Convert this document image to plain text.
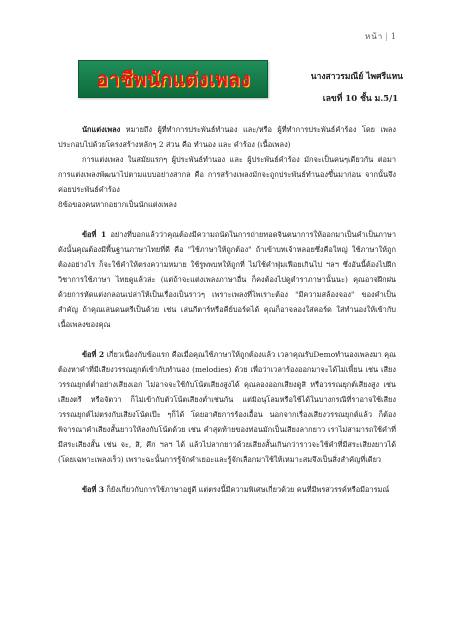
หน้า | 1
อาชีพนักแต่งเพลง	นางสาวรมณีย์ ไพศรีแหน
เลขที่ 10 ชั้น ม.5/1

นักแต่งเพลง หมายถึง ผู้ที่ทำการประพันธ์ทำนอง และ/หรือ ผู้ที่ทำการประพันธ์คำร้อง โดย เพลง ประกอบไปด้วยโครงสร้างหลักๆ 2 ส่วน คือ ทำนอง และ คำร้อง (เนื้อเพลง)

การแต่งเพลง ในสมัยแรกๆ ผู้ประพันธ์ทำนอง และ ผู้ประพันธ์คำร้อง มักจะเป็นคนๆเดียวกัน ต่อมาการแต่งเพลงพัฒนาไปตามแบบอย่างสากล คือ การสร้างเพลงมักจะถูกประพันธ์ทำนองขึ้นมาก่อน จากนั้นจึงค่อยประพันธ์คำร้อง

8ข้อของคนหากอยากเป็นนักแต่งเพลง

ข้อที่ 1 อย่างที่บอกแล้วว่าคุณต้องมีความถนัดในการถ่ายทอดจินตนาการให้ออกมาเป็นคำเป็นภาษา ดังนั้นคุณต้องมีพื้นฐานภาษาไทยที่ดี คือ "ใช้ภาษาให้ถูกต้อง" ถ้าเข้าบทเจ้าหลอยซึ่งคือใหญ่ ใช้ภาษาให้ถูกต้องอย่างไร ก็จะใช้คำให้ตรงความหมาย ใช้รูพพบทให้ถูกที่ ไม่ใช้คำฟุ่มเฟือยเกินไป ฯลฯ ซึ่งอันนี้ต้องไปฝึกวิชาการใช้ภาษา ไทยดูแล้วล่ะ (แต่ถ้าจะแต่งเพลงภาษาอื่น ก็คงต้องไปดูตำราภาษานั้นนะ) คุณอาจฝึกฝนด้วยการหัดแต่งกลอนเปล่าให้เป็นเรื่องเป็นราวๆ เพราะเพลงที่ไพเราะต้อง "มีความสล้องจอง" ของคำเป็นสำคัญ ถ้าคุณเล่นดนตรีเป็นด้วย เช่น เล่นกีตาร์หรือคีย์บอร์ดได้ คุณก็อาจลองใส่คอร์ด ใส่ทำนองให้เข้ากับเนื้อเพลงของคุณ

ข้อที่ 2 เกี่ยวเนื่องกับข้อแรก คือเมื่อคุณใช้ภาษาให้ถูกต้องแล้ว เวลาคุณรับDemoทำนองเพลงมา คุณต้องหาคำที่มีเสียงวรรณยุกต์เข้ากับทำนอง (melodies) ด้วย เพื่อว่าเวลาร้องออกมาจะได้ไม่เพี้ยน เช่น เสียงวรรณยุกต์ต่ำอย่างเสียงเอก ไม่อาจจะใช้กับโน้ตเสียงสูงได้ คุณลองออกเสียงดูสิ หรือวรรณยุกต์เสียงสูง เช่น เสียงตรี หรือจัตวา ก็ไม่เข้ากับตัวโน้ตเสียงต่ำเช่นกัน แต่มิอนุโลมหรือใช้ได้ในบางกรณีที่ราอาจใช้เสียงวรรณยุกต์ไม่ตรงกับเสียงโน้ตเป๊ะ ๆก็ได้ โดยอาศัยการร้องเอื้อน นอกจากเรื่องเสียงวรรณยุกต์แล้ว ก็ต้องพิจารณาคำเสียงสั้นยาวให้ลงกับโน้ตด้วย เช่น คำสุดท้ายของท่อนมักเป็นเสียงลากยาว เราไม่สามารถใช้คำที่มีสระเสียงสั้น เช่น จะ, สิ, คึก ฯลฯ ได้ แล้วไปลากยาวด้วยเสียงสั้นเกินกว่าราวจะใช้คำที่มีสระเสียงยาวได้ (โดยเฉพาะเพลงเร็ว) เพราะฉะนั้นการรู้จักคำเยอะและรู้จักเลือกมาใช้ให้เหมาะสมจึงเป็นสิ่งสำคัญที่เดียว

ข้อที่ 3 ก็ยังเกี่ยวกับการใช้ภาษาอยู่ดี แต่ตรงนี้มีความพิเศษเกี่ยวด้วย คนที่มีพรสวรรค์หรือมีอารมณ์
